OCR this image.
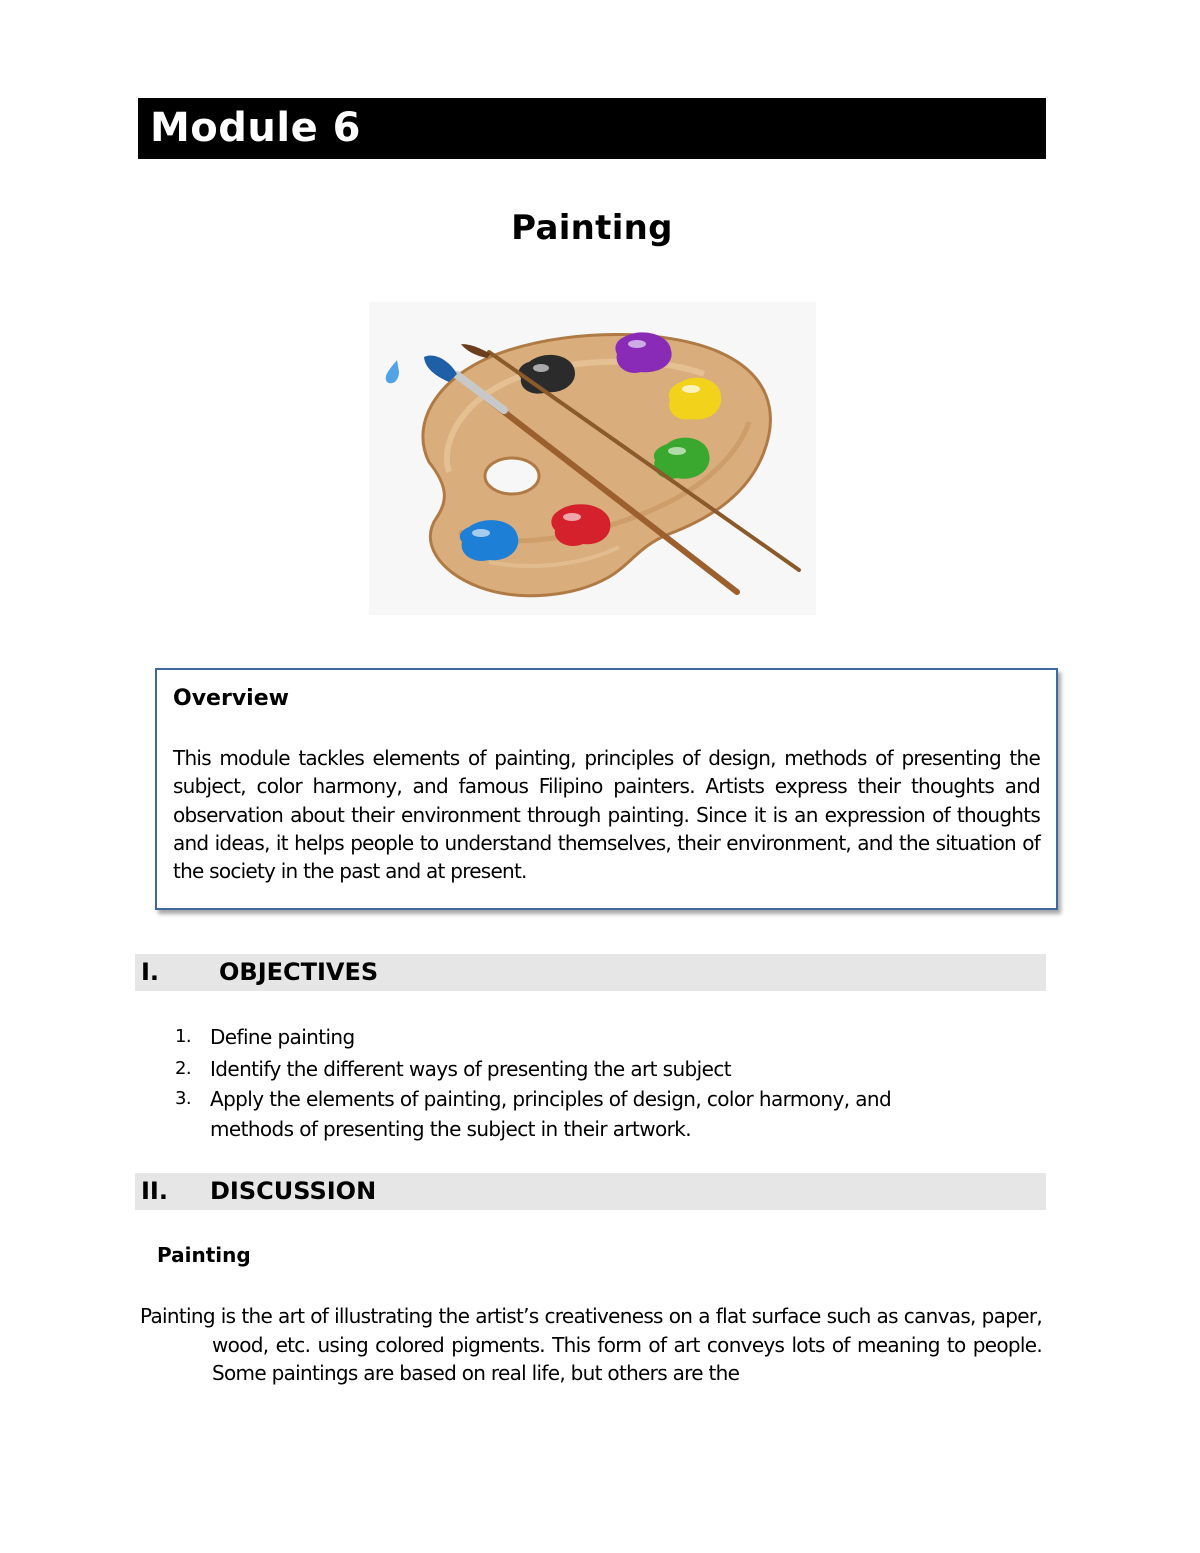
Module 6
Painting

Overview

This module tackles elements of painting, principles of design, methods of presenting the subject, color harmony, and famous Filipino painters. Artists express their thoughts and observation about their environment through painting. Since it is an expression of thoughts and ideas, it helps people to understand themselves, their environment, and the situation of the society in the past and at present.

I. OBJECTIVES
1. Define painting
2. Identify the different ways of presenting the art subject
3. Apply the elements of painting, principles of design, color harmony, and methods of presenting the subject in their artwork.
II. DISCUSSION
Painting
Painting is the art of illustrating the artist’s creativeness on a flat surface such as canvas, paper, wood, etc. using colored pigments. This form of art conveys lots of meaning to people. Some paintings are based on real life, but others are the
